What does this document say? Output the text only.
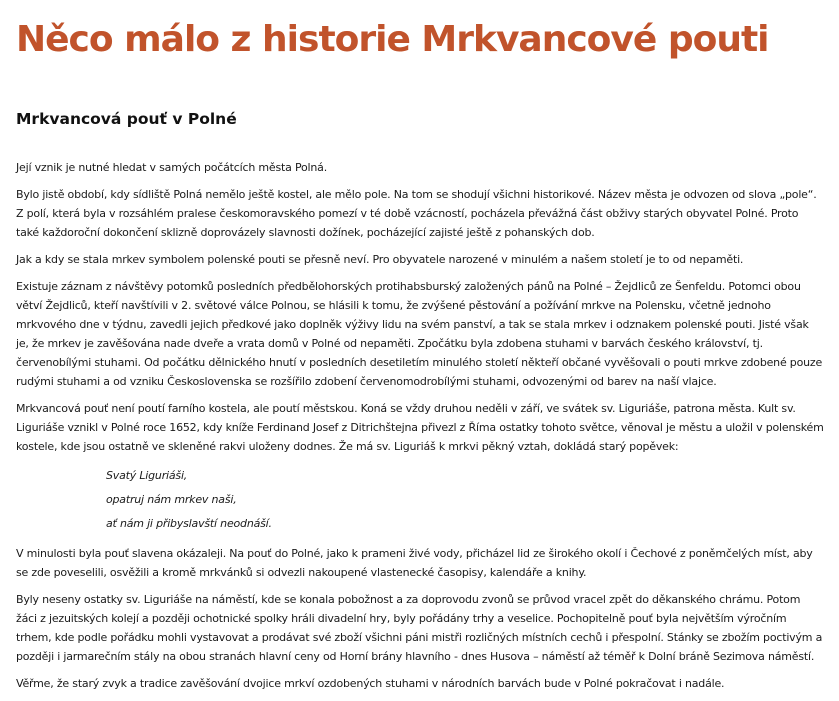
Něco málo z historie Mrkvancové pouti
Mrkvancová pouť v Polné

Její vznik je nutné hledat v samých počátcích města Polná.

Bylo jistě období, kdy sídliště Polná nemělo ještě kostel, ale mělo pole. Na tom se shodují všichni historikové. Název města je odvozen od slova „pole“. Z polí, která byla v rozsáhlém pralese českomoravského pomezí v té době vzácností, pocházela převážná část obživy starých obyvatel Polné. Proto také každoroční dokončení sklizně doprovázely slavnosti dožínek, pocházející zajisté ještě z pohanských dob.

Jak a kdy se stala mrkev symbolem polenské pouti se přesně neví. Pro obyvatele narozené v minulém a našem století je to od nepaměti.

Existuje záznam z návštěvy potomků posledních předbělohorských protihabsburský založených pánů na Polné – Žejdliců ze Šenfeldu. Potomci obou větví Žejdliců, kteří navštívili v 2. světové válce Polnou, se hlásili k tomu, že zvýšené pěstování a požívání mrkve na Polensku, včetně jednoho mrkvového dne v týdnu, zavedli jejich předkové jako doplněk výživy lidu na svém panství, a tak se stala mrkev i odznakem polenské pouti. Jisté však je, že mrkev je zavěšována nade dveře a vrata domů v Polné od nepaměti. Zpočátku byla zdobena stuhami v barvách českého království, tj. červenobílými stuhami. Od počátku dělnického hnutí v posledních desetiletím minulého století někteří občané vyvěšovali o pouti mrkve zdobené pouze rudými stuhami a od vzniku Československa se rozšířilo zdobení červenomodrobílými stuhami, odvozenými od barev na naší vlajce.

Mrkvancová pouť není poutí farního kostela, ale poutí městskou. Koná se vždy druhou neděli v září, ve svátek sv. Liguriáše, patrona města. Kult sv. Liguriáše vznikl v Polné roce 1652, kdy kníže Ferdinand Josef z Ditrichštejna přivezl z Říma ostatky tohoto světce, věnoval je městu a uložil v polenském kostele, kde jsou ostatně ve skleněné rakvi uloženy dodnes. Že má sv. Liguriáš k mrkvi pěkný vztah, dokládá starý popěvek:

Svatý Liguriáši,

opatruj nám mrkev naši,

ať nám ji přibyslavští neodnáší.

V minulosti byla pouť slavena okázaleji. Na pouť do Polné, jako k prameni živé vody, přicházel lid ze širokého okolí i Čechové z poněmčelých míst, aby se zde poveselili, osvěžili a kromě mrkvánků si odvezli nakoupené vlastenecké časopisy, kalendáře a knihy.

Byly neseny ostatky sv. Liguriáše na náměstí, kde se konala pobožnost a za doprovodu zvonů se průvod vracel zpět do děkanského chrámu. Potom žáci z jezuitských kolejí a později ochotnické spolky hráli divadelní hry, byly pořádány trhy a veselice. Pochopitelně pouť byla největším výročním trhem, kde podle pořádku mohli vystavovat a prodávat své zboží všichni páni mistři rozličných místních cechů i přespolní. Stánky se zbožím poctivým a později i jarmarečním stály na obou stranách hlavní ceny od Horní brány hlavního - dnes Husova – náměstí až téměř k Dolní bráně Sezimova náměstí.

Věřme, že starý zvyk a tradice zavěšování dvojice mrkví ozdobených stuhami v národních barvách bude v Polné pokračovat i nadále.
